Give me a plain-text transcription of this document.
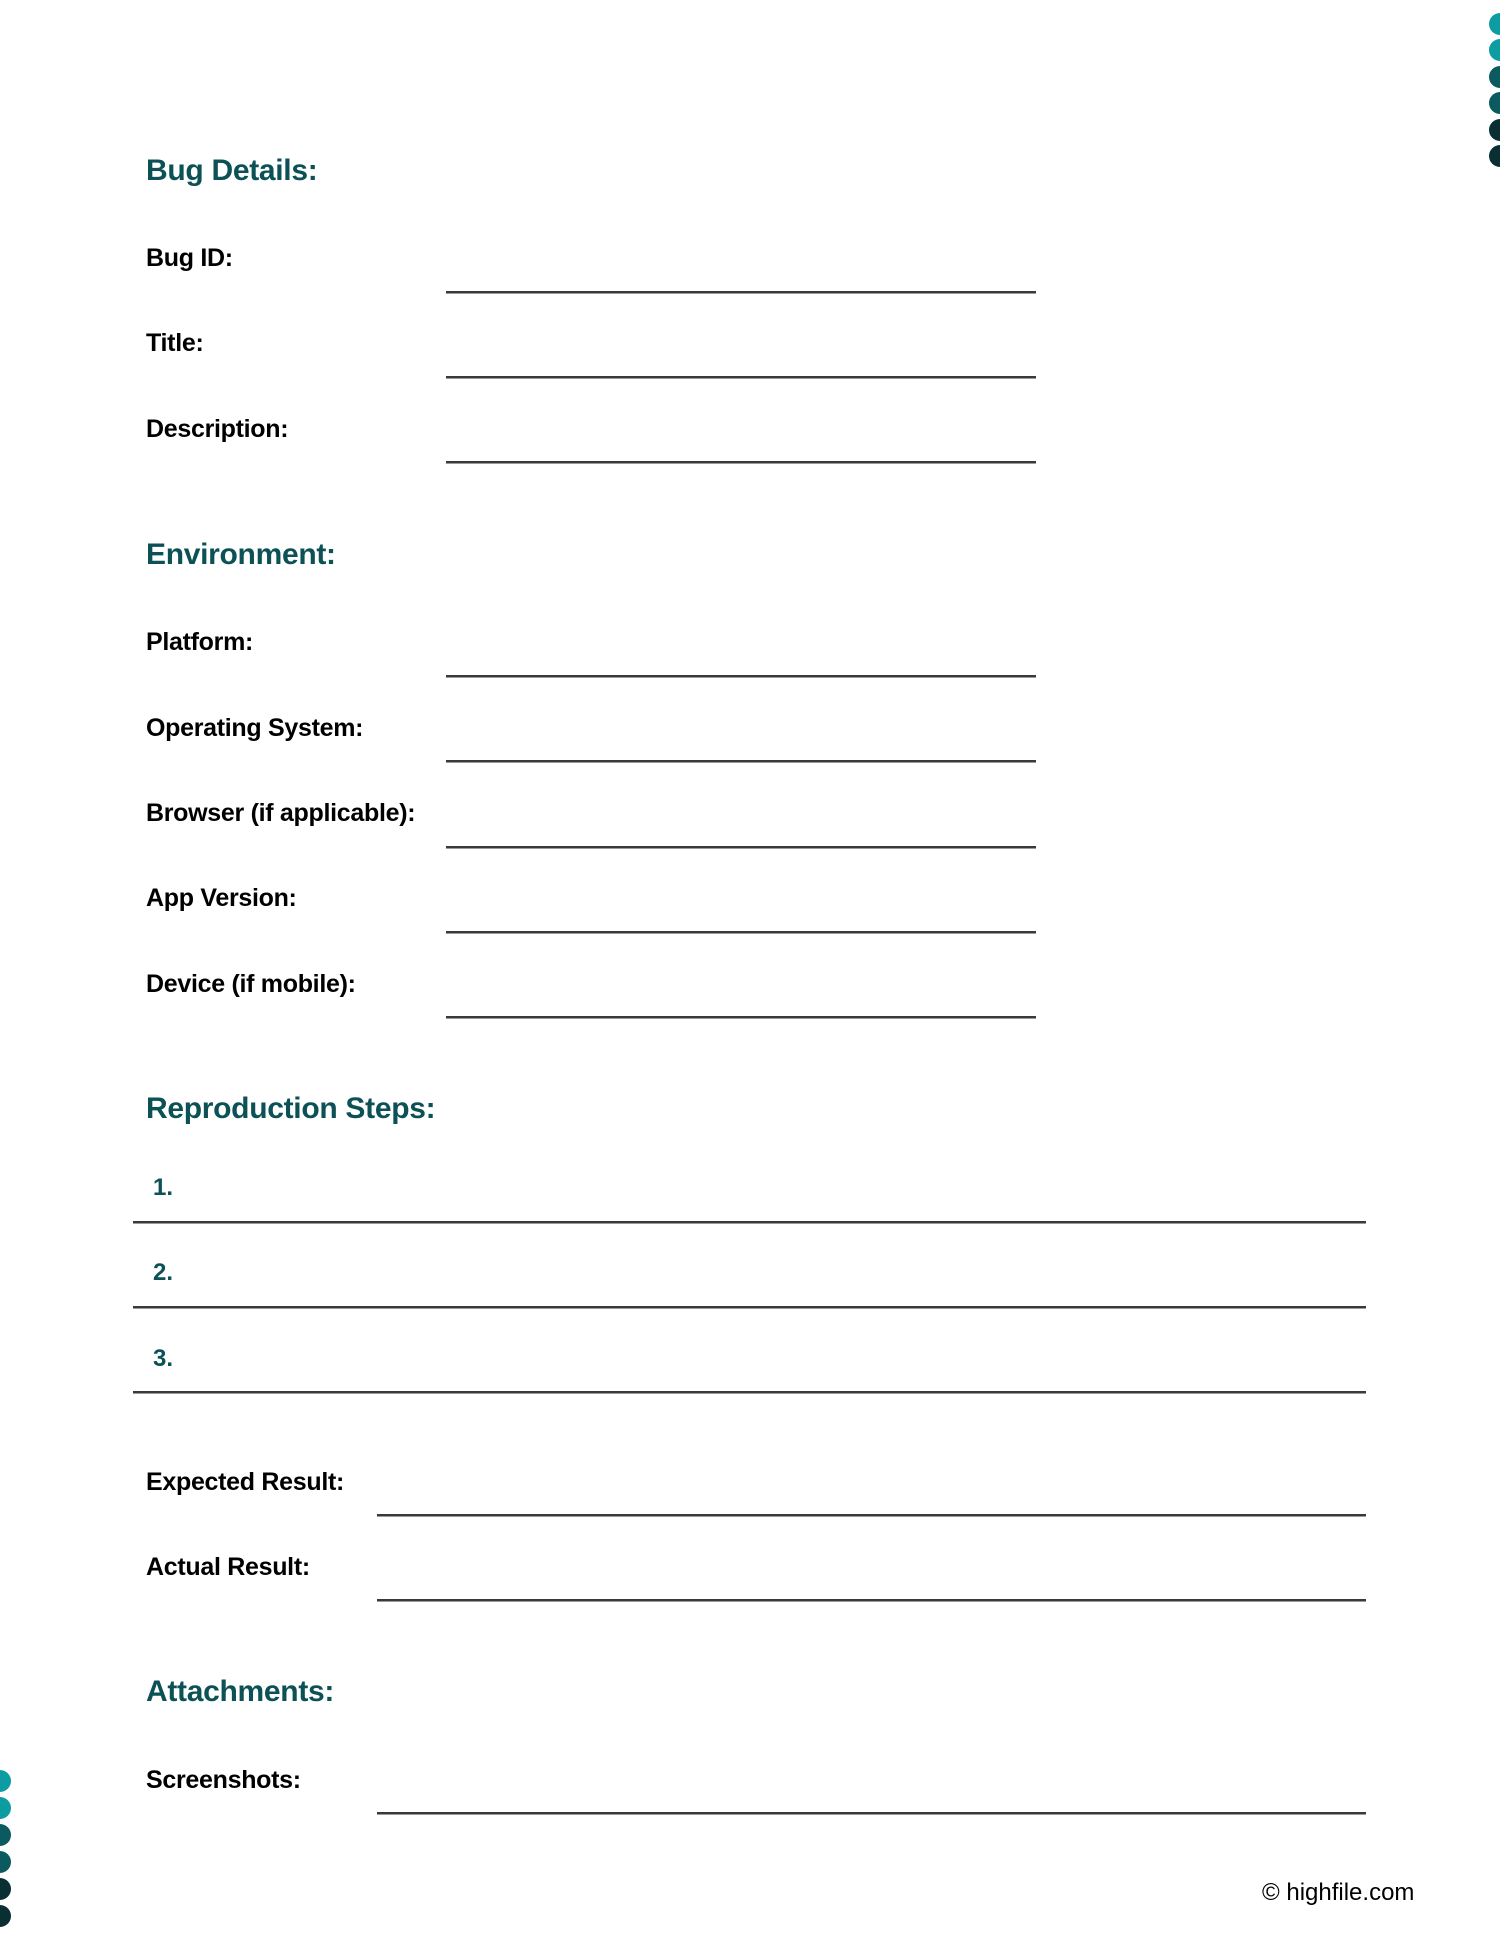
Bug Details:
Bug ID:
Title:
Description:
Environment:
Platform:
Operating System:
Browser (if applicable):
App Version:
Device (if mobile):
Reproduction Steps:
1.
2.
3.
Expected Result:
Actual Result:
Attachments:
Screenshots:
© highfile.com
